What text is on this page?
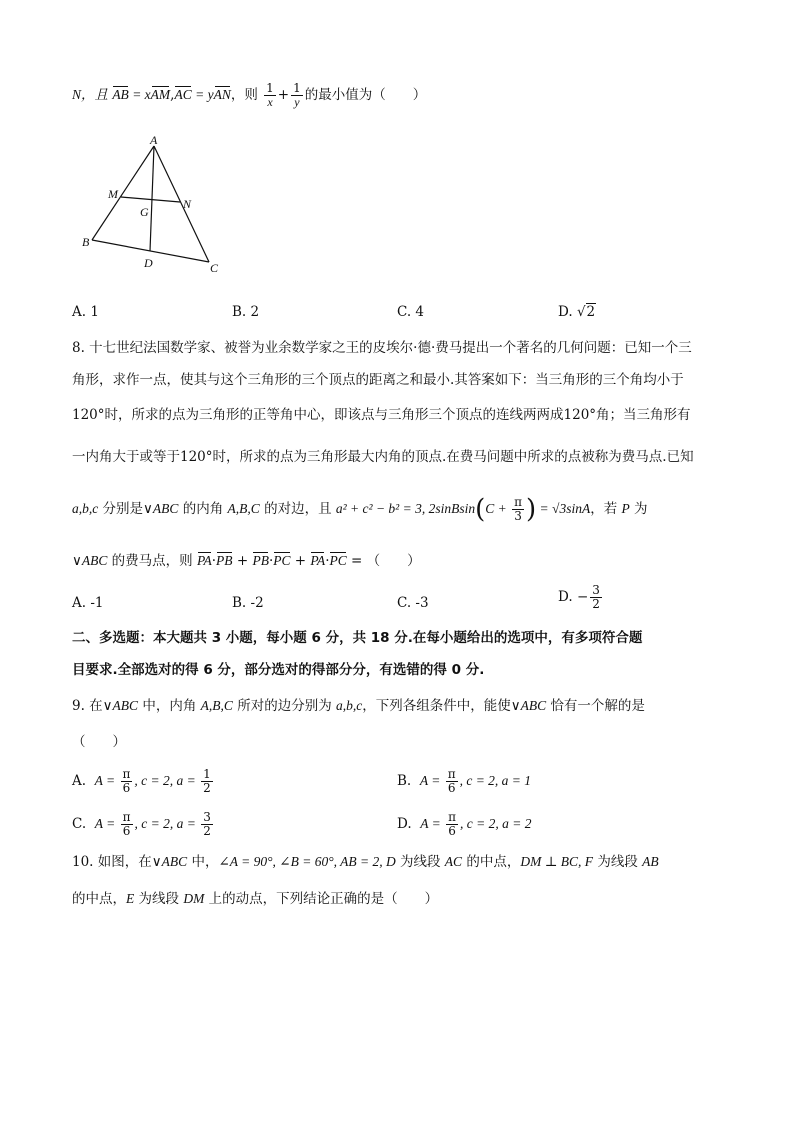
N，且 AB = xAM,AC = yAN，则 $\frac{1}{x} + \frac{1}{y}$ 的最小值为（　　）
A
M
N
G
B
D	C
A. 1	B. 2	C. 4	D. √2
8. 十七世纪法国数学家、被誉为业余数学家之王的皮埃尔·德·费马提出一个著名的几何问题：已知一个三
角形，求作一点，使其与这个三角形的三个顶点的距离之和最小.其答案如下：当三角形的三个角均小于
120°时，所求的点为三角形的正等角中心，即该点与三角形三个顶点的连线两两成120°角；当三角形有
一内角大于或等于120°时，所求的点为三角形最大内角的顶点.在费马问题中所求的点被称为费马点.已知
a,b,c 分别是∨ABC 的内角 A,B,C 的对边，且 a² + c² − b² = 3, 2sinBsin(C + $\frac{\pi}{3}$ ) = √3sinA，若 P 为
∨ABC 的费马点，则 PA·PB + PB·PC + PA·PC = （　　）
A. -1	B. -2	C. -3	D. − $\frac{3}{2}$
二、多选题：本大题共 3 小题，每小题 6 分，共 18 分.在每小题给出的选项中，有多项符合题
目要求.全部选对的得 6 分，部分选对的得部分分，有选错的得 0 分.
9. 在∨ABC 中，内角 A,B,C 所对的边分别为 a,b,c，下列各组条件中，能使∨ABC 恰有一个解的是
（　　）
A. $A = \frac{\pi}{6}$ , c = 2, $a = \frac{1}{2}$	B. $A = \frac{\pi}{6}$ , c = 2, a = 1
C. $A = \frac{\pi}{6}$ , c = 2, $a = \frac{3}{2}$	D. $A = \frac{\pi}{6}$ , c = 2, a = 2
10. 如图，在∨ABC 中，∠A = 90°, ∠B = 60°, AB = 2, D 为线段 AC 的中点，DM ⊥ BC, F 为线段 AB
的中点，E 为线段 DM 上的动点，下列结论正确的是（　　）
